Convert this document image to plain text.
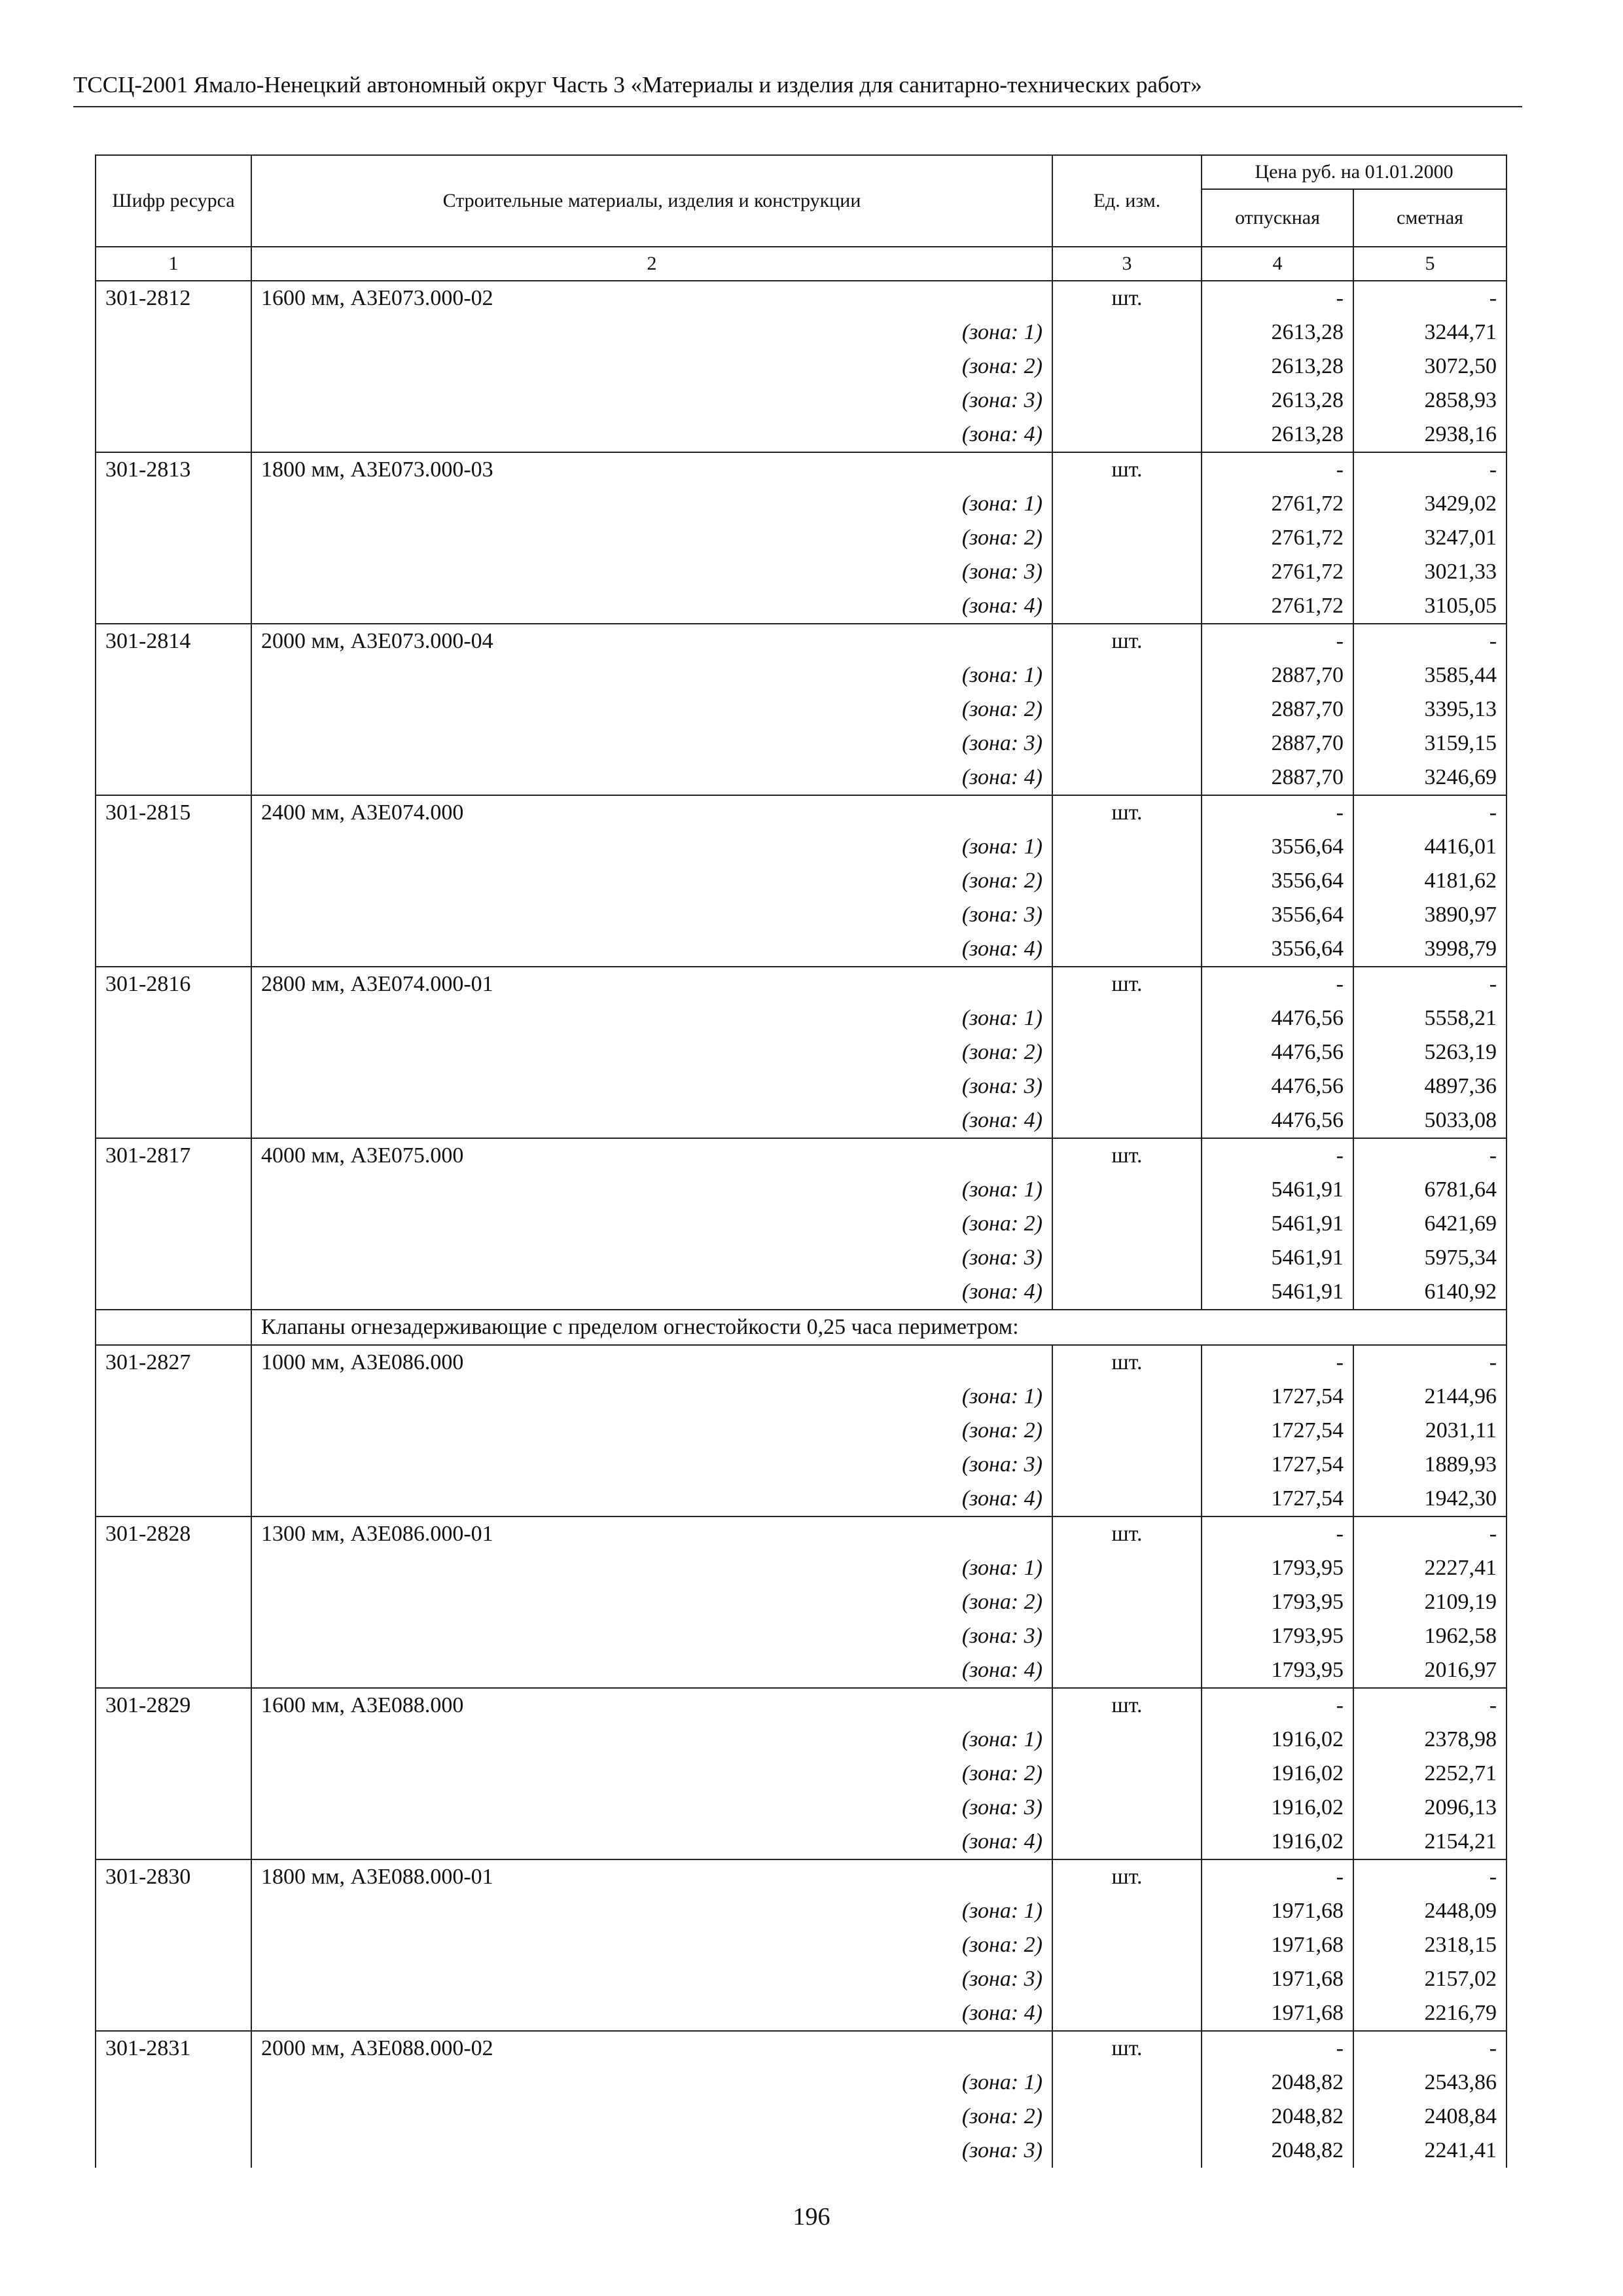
ТССЦ-2001 Ямало-Ненецкий автономный округ Часть 3 «Материалы и изделия для санитарно-технических работ»
Шифр ресурса	Строительные материалы, изделия и конструкции	Ед. изм.	Цена руб. на 01.01.2000	
			отпускная	сметная
1	2	3	4	5
301-2812	1600 мм, А3Е073.000-02	шт.	-	-
	(зона: 1)		2613,28	3244,71
	(зона: 2)		2613,28	3072,50
	(зона: 3)		2613,28	2858,93
	(зона: 4)		2613,28	2938,16
301-2813	1800 мм, А3Е073.000-03	шт.	-	-
	(зона: 1)		2761,72	3429,02
	(зона: 2)		2761,72	3247,01
	(зона: 3)		2761,72	3021,33
	(зона: 4)		2761,72	3105,05
301-2814	2000 мм, А3Е073.000-04	шт.	-	-
	(зона: 1)		2887,70	3585,44
	(зона: 2)		2887,70	3395,13
	(зона: 3)		2887,70	3159,15
	(зона: 4)		2887,70	3246,69
301-2815	2400 мм, А3Е074.000	шт.	-	-
	(зона: 1)		3556,64	4416,01
	(зона: 2)		3556,64	4181,62
	(зона: 3)		3556,64	3890,97
	(зона: 4)		3556,64	3998,79
301-2816	2800 мм, А3Е074.000-01	шт.	-	-
	(зона: 1)		4476,56	5558,21
	(зона: 2)		4476,56	5263,19
	(зона: 3)		4476,56	4897,36
	(зона: 4)		4476,56	5033,08
301-2817	4000 мм, А3Е075.000	шт.	-	-
	(зона: 1)		5461,91	6781,64
	(зона: 2)		5461,91	6421,69
	(зона: 3)		5461,91	5975,34
	(зона: 4)		5461,91	6140,92
	Клапаны огнезадерживающие с пределом огнестойкости 0,25 часа периметром:			
301-2827	1000 мм, А3Е086.000	шт.	-	-
	(зона: 1)		1727,54	2144,96
	(зона: 2)		1727,54	2031,11
	(зона: 3)		1727,54	1889,93
	(зона: 4)		1727,54	1942,30
301-2828	1300 мм, А3Е086.000-01	шт.	-	-
	(зона: 1)		1793,95	2227,41
	(зона: 2)		1793,95	2109,19
	(зона: 3)		1793,95	1962,58
	(зона: 4)		1793,95	2016,97
301-2829	1600 мм, А3Е088.000	шт.	-	-
	(зона: 1)		1916,02	2378,98
	(зона: 2)		1916,02	2252,71
	(зона: 3)		1916,02	2096,13
	(зона: 4)		1916,02	2154,21
301-2830	1800 мм, А3Е088.000-01	шт.	-	-
	(зона: 1)		1971,68	2448,09
	(зона: 2)		1971,68	2318,15
	(зона: 3)		1971,68	2157,02
	(зона: 4)		1971,68	2216,79
301-2831	2000 мм, А3Е088.000-02	шт.	-	-
	(зона: 1)		2048,82	2543,86
	(зона: 2)		2048,82	2408,84
	(зона: 3)		2048,82	2241,41
196
